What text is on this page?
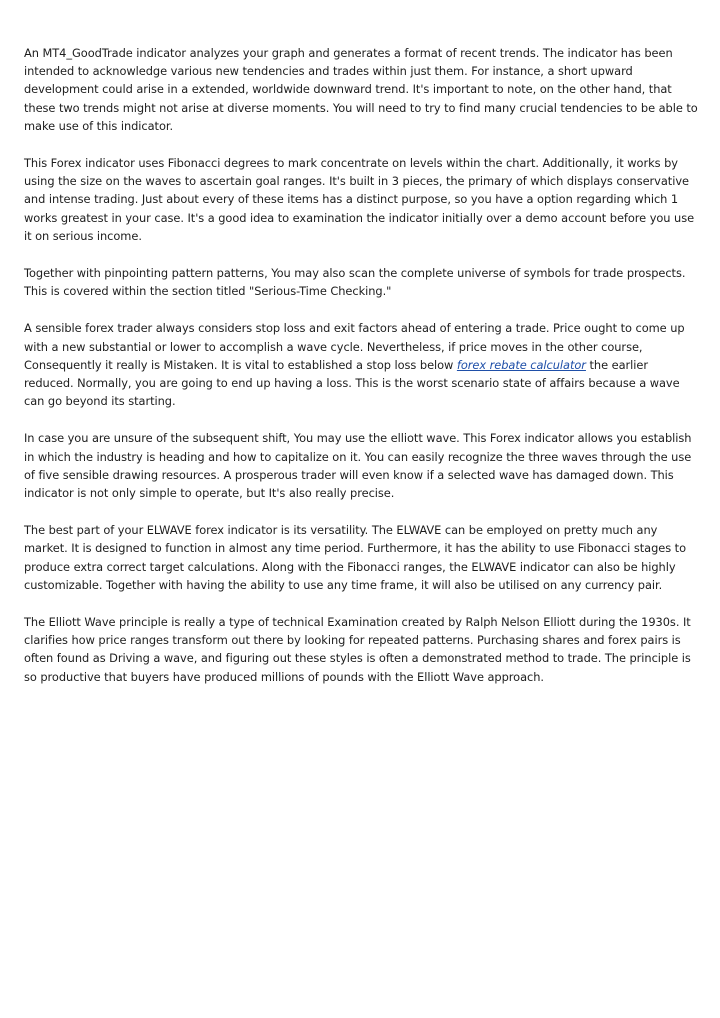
An MT4_GoodTrade indicator analyzes your graph and generates a format of recent trends. The indicator has been intended to acknowledge various new tendencies and trades within just them. For instance, a short upward development could arise in a extended, worldwide downward trend. It's important to note, on the other hand, that these two trends might not arise at diverse moments. You will need to try to find many crucial tendencies to be able to make use of this indicator.

This Forex indicator uses Fibonacci degrees to mark concentrate on levels within the chart. Additionally, it works by using the size on the waves to ascertain goal ranges. It's built in 3 pieces, the primary of which displays conservative and intense trading. Just about every of these items has a distinct purpose, so you have a option regarding which 1 works greatest in your case. It's a good idea to examination the indicator initially over a demo account before you use it on serious income.

Together with pinpointing pattern patterns, You may also scan the complete universe of symbols for trade prospects. This is covered within the section titled "Serious-Time Checking."

A sensible forex trader always considers stop loss and exit factors ahead of entering a trade. Price ought to come up with a new substantial or lower to accomplish a wave cycle. Nevertheless, if price moves in the other course, Consequently it really is Mistaken. It is vital to established a stop loss below forex rebate calculator the earlier reduced. Normally, you are going to end up having a loss. This is the worst scenario state of affairs because a wave can go beyond its starting.

In case you are unsure of the subsequent shift, You may use the elliott wave. This Forex indicator allows you establish in which the industry is heading and how to capitalize on it. You can easily recognize the three waves through the use of five sensible drawing resources. A prosperous trader will even know if a selected wave has damaged down. This indicator is not only simple to operate, but It's also really precise.

The best part of your ELWAVE forex indicator is its versatility. The ELWAVE can be employed on pretty much any market. It is designed to function in almost any time period. Furthermore, it has the ability to use Fibonacci stages to produce extra correct target calculations. Along with the Fibonacci ranges, the ELWAVE indicator can also be highly customizable. Together with having the ability to use any time frame, it will also be utilised on any currency pair.

The Elliott Wave principle is really a type of technical Examination created by Ralph Nelson Elliott during the 1930s. It clarifies how price ranges transform out there by looking for repeated patterns. Purchasing shares and forex pairs is often found as Driving a wave, and figuring out these styles is often a demonstrated method to trade. The principle is so productive that buyers have produced millions of pounds with the Elliott Wave approach.
